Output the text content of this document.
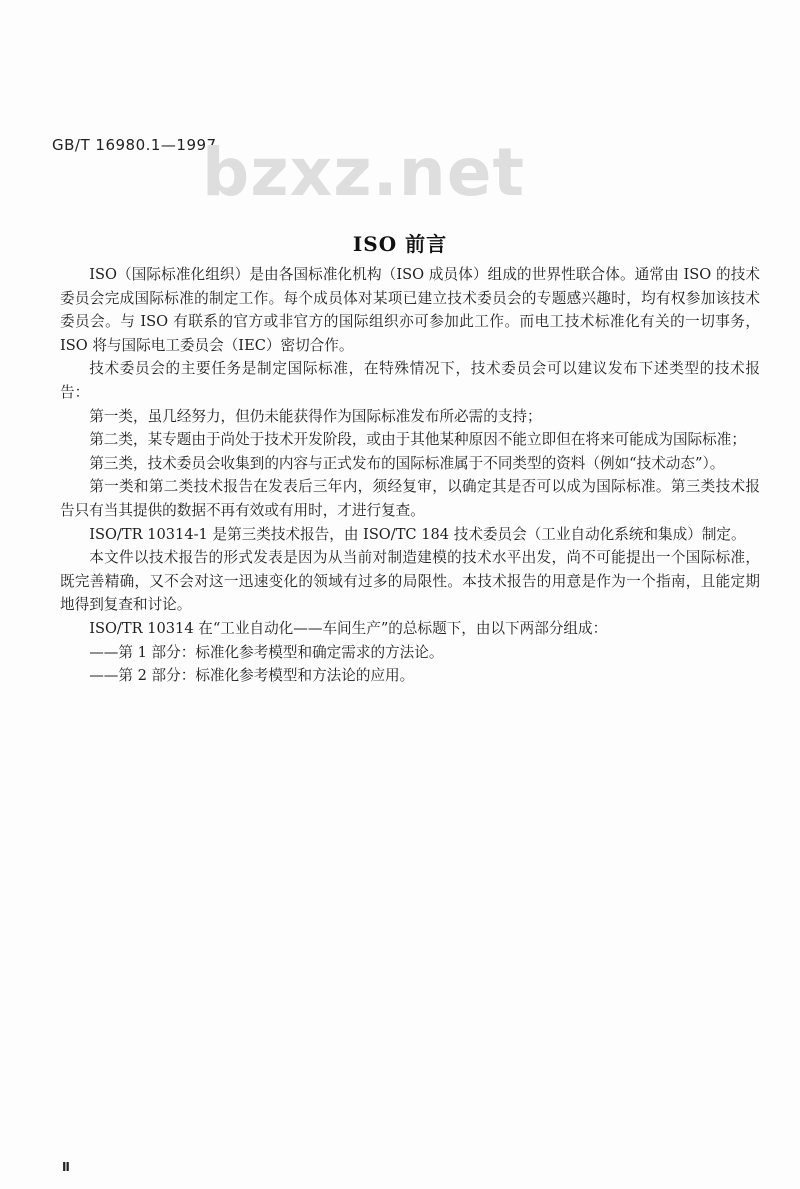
GB/T 16980.1—1997
bzxz.net
ISO 前言

ISO（国际标准化组织）是由各国标准化机构（ISO 成员体）组成的世界性联合体。通常由 ISO 的技术委员会完成国际标准的制定工作。每个成员体对某项已建立技术委员会的专题感兴趣时，均有权参加该技术委员会。与 ISO 有联系的官方或非官方的国际组织亦可参加此工作。而电工技术标准化有关的一切事务，ISO 将与国际电工委员会（IEC）密切合作。

技术委员会的主要任务是制定国际标准，在特殊情况下，技术委员会可以建议发布下述类型的技术报告：

第一类，虽几经努力，但仍未能获得作为国际标准发布所必需的支持；

第二类，某专题由于尚处于技术开发阶段，或由于其他某种原因不能立即但在将来可能成为国际标准；

第三类，技术委员会收集到的内容与正式发布的国际标准属于不同类型的资料（例如“技术动态”）。

第一类和第二类技术报告在发表后三年内，须经复审，以确定其是否可以成为国际标准。第三类技术报告只有当其提供的数据不再有效或有用时，才进行复查。

ISO/TR 10314-1 是第三类技术报告，由 ISO/TC 184 技术委员会（工业自动化系统和集成）制定。

本文件以技术报告的形式发表是因为从当前对制造建模的技术水平出发，尚不可能提出一个国际标准，既完善精确，又不会对这一迅速变化的领域有过多的局限性。本技术报告的用意是作为一个指南，且能定期地得到复查和讨论。

ISO/TR 10314 在“工业自动化——车间生产”的总标题下，由以下两部分组成：

——第 1 部分：标准化参考模型和确定需求的方法论。

——第 2 部分：标准化参考模型和方法论的应用。

Ⅱ
